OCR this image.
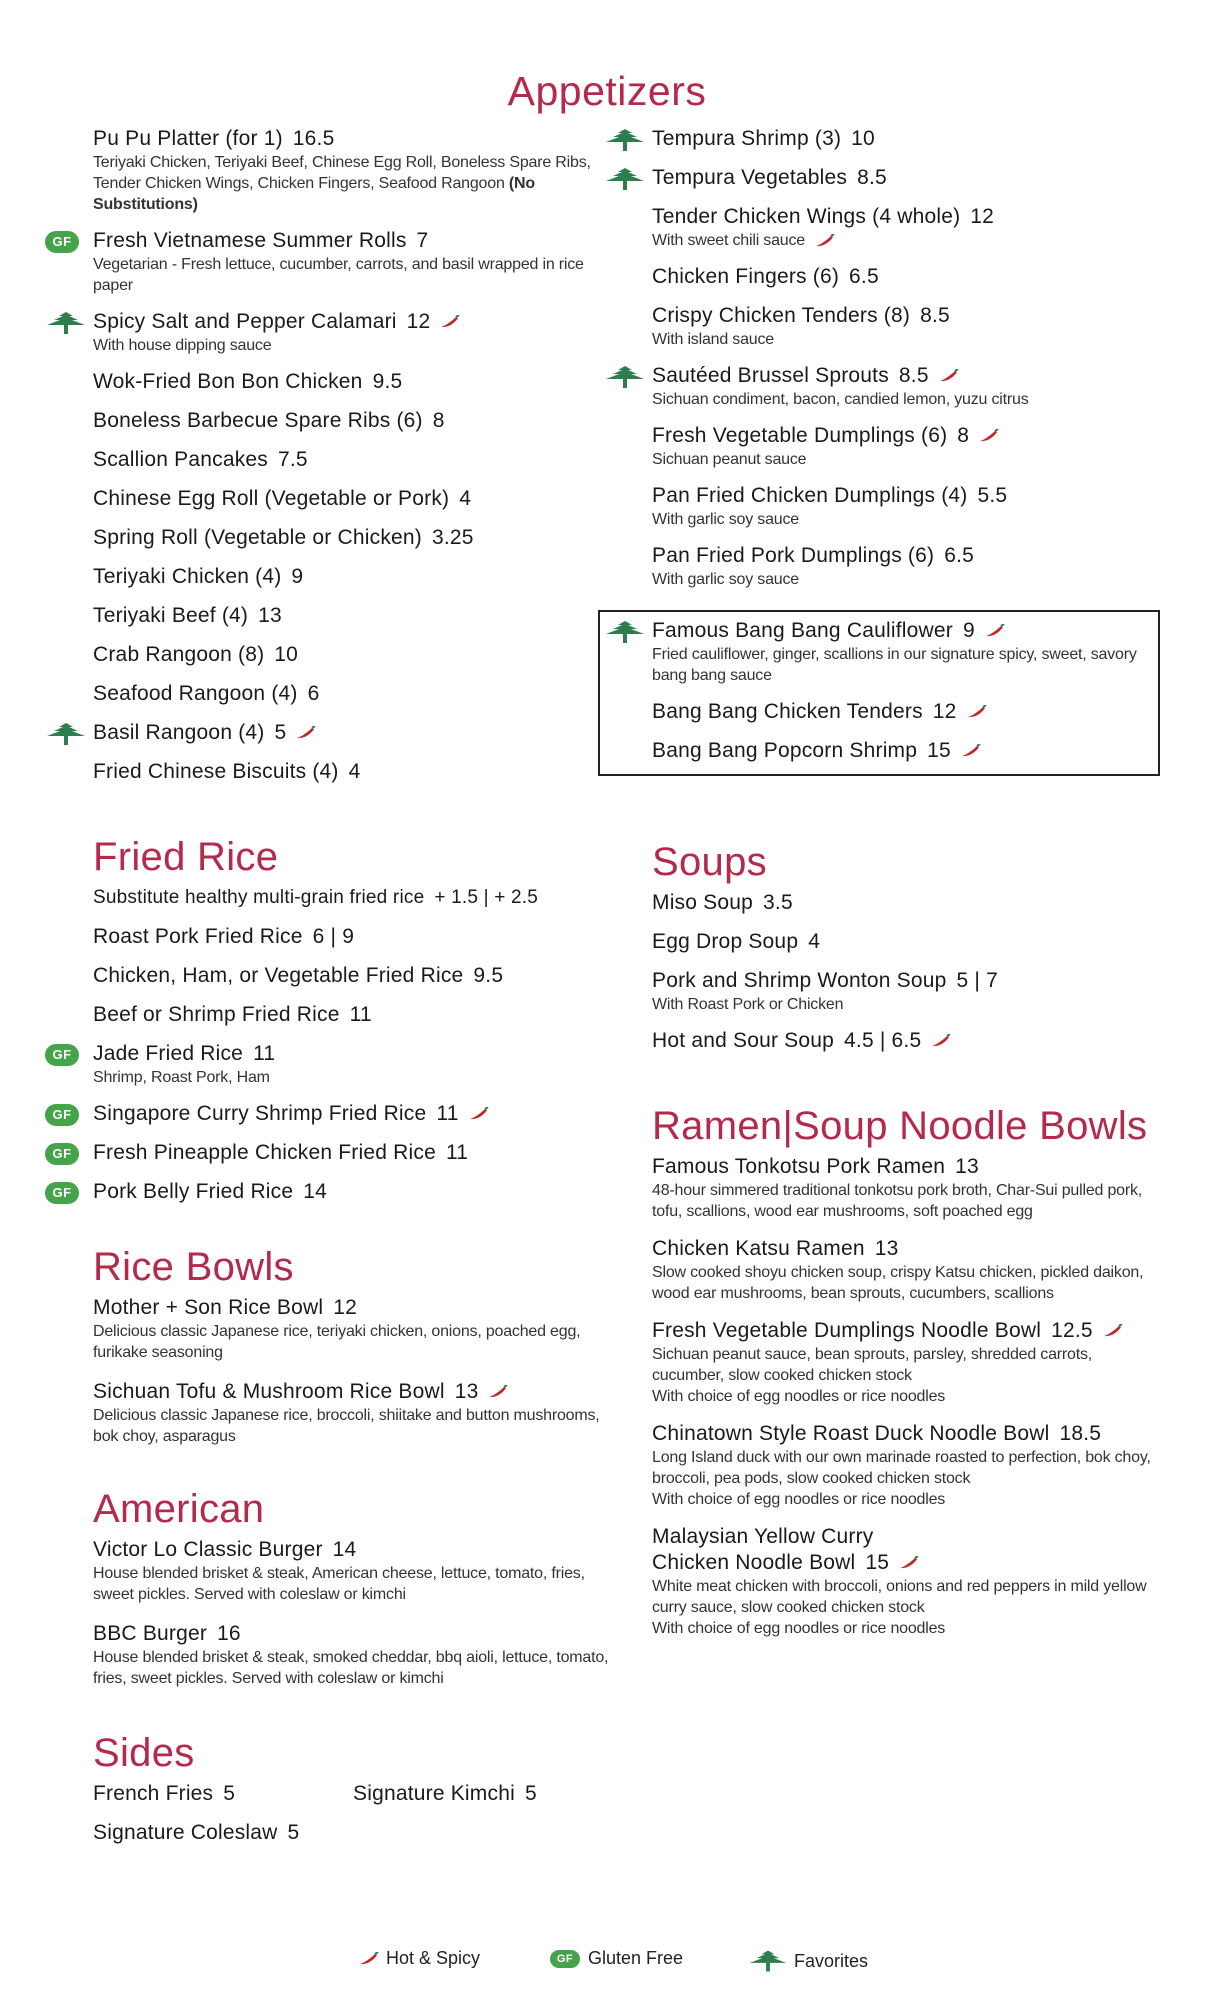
Appetizers
Pu Pu Platter (for 1) 16.5
Teriyaki Chicken, Teriyaki Beef, Chinese Egg Roll, Boneless Spare Ribs, Tender Chicken Wings, Chicken Fingers, Seafood Rangoon (No Substitutions)
GF	Fresh Vietnamese Summer Rolls 7
Vegetarian - Fresh lettuce, cucumber, carrots, and basil wrapped in rice paper
Spicy Salt and Pepper Calamari 12
With house dipping sauce
Wok-Fried Bon Bon Chicken 9.5
Boneless Barbecue Spare Ribs (6) 8
Scallion Pancakes 7.5
Chinese Egg Roll (Vegetable or Pork) 4
Spring Roll (Vegetable or Chicken) 3.25
Teriyaki Chicken (4) 9
Teriyaki Beef (4) 13
Crab Rangoon (8) 10
Seafood Rangoon (4) 6
Basil Rangoon (4) 5
Fried Chinese Biscuits (4) 4
Fried Rice
Substitute healthy multi-grain fried rice + 1.5 | + 2.5
Roast Pork Fried Rice 6 | 9
Chicken, Ham, or Vegetable Fried Rice 9.5
Beef or Shrimp Fried Rice 11
GF	Jade Fried Rice 11
Shrimp, Roast Pork, Ham
GF	Singapore Curry Shrimp Fried Rice 11
GF	Fresh Pineapple Chicken Fried Rice 11
GF	Pork Belly Fried Rice 14
Rice Bowls
Mother + Son Rice Bowl 12
Delicious classic Japanese rice, teriyaki chicken, onions, poached egg, furikake seasoning
Sichuan Tofu & Mushroom Rice Bowl 13
Delicious classic Japanese rice, broccoli, shiitake and button mushrooms, bok choy, asparagus
American
Victor Lo Classic Burger 14
House blended brisket & steak, American cheese, lettuce, tomato, fries, sweet pickles. Served with coleslaw or kimchi
BBC Burger 16
House blended brisket & steak, smoked cheddar, bbq aioli, lettuce, tomato, fries, sweet pickles. Served with coleslaw or kimchi
Sides
French Fries 5	Signature Kimchi 5
Signature Coleslaw 5
Tempura Shrimp (3) 10
Tempura Vegetables 8.5
Tender Chicken Wings (4 whole) 12
With sweet chili sauce
Chicken Fingers (6) 6.5
Crispy Chicken Tenders (8) 8.5
With island sauce
Sautéed Brussel Sprouts 8.5
Sichuan condiment, bacon, candied lemon, yuzu citrus
Fresh Vegetable Dumplings (6) 8
Sichuan peanut sauce
Pan Fried Chicken Dumplings (4) 5.5
With garlic soy sauce
Pan Fried Pork Dumplings (6) 6.5
With garlic soy sauce
Famous Bang Bang Cauliflower 9
Fried cauliflower, ginger, scallions in our signature spicy, sweet, savory bang bang sauce
Bang Bang Chicken Tenders 12
Bang Bang Popcorn Shrimp 15
Soups
Miso Soup 3.5
Egg Drop Soup 4
Pork and Shrimp Wonton Soup 5 | 7
With Roast Pork or Chicken
Hot and Sour Soup 4.5 | 6.5
Ramen|Soup Noodle Bowls
Famous Tonkotsu Pork Ramen 13
48-hour simmered traditional tonkotsu pork broth, Char-Sui pulled pork, tofu, scallions, wood ear mushrooms, soft poached egg
Chicken Katsu Ramen 13
Slow cooked shoyu chicken soup, crispy Katsu chicken, pickled daikon, wood ear mushrooms, bean sprouts, cucumbers, scallions
Fresh Vegetable Dumplings Noodle Bowl 12.5
Sichuan peanut sauce, bean sprouts, parsley, shredded carrots, cucumber, slow cooked chicken stock
With choice of egg noodles or rice noodles
Chinatown Style Roast Duck Noodle Bowl 18.5
Long Island duck with our own marinade roasted to perfection, bok choy, broccoli, pea pods, slow cooked chicken stock
With choice of egg noodles or rice noodles
Malaysian Yellow Curry
Chicken Noodle Bowl 15
White meat chicken with broccoli, onions and red peppers in mild yellow curry sauce, slow cooked chicken stock
With choice of egg noodles or rice noodles
Hot & Spicy	GF Gluten Free	Favorites
